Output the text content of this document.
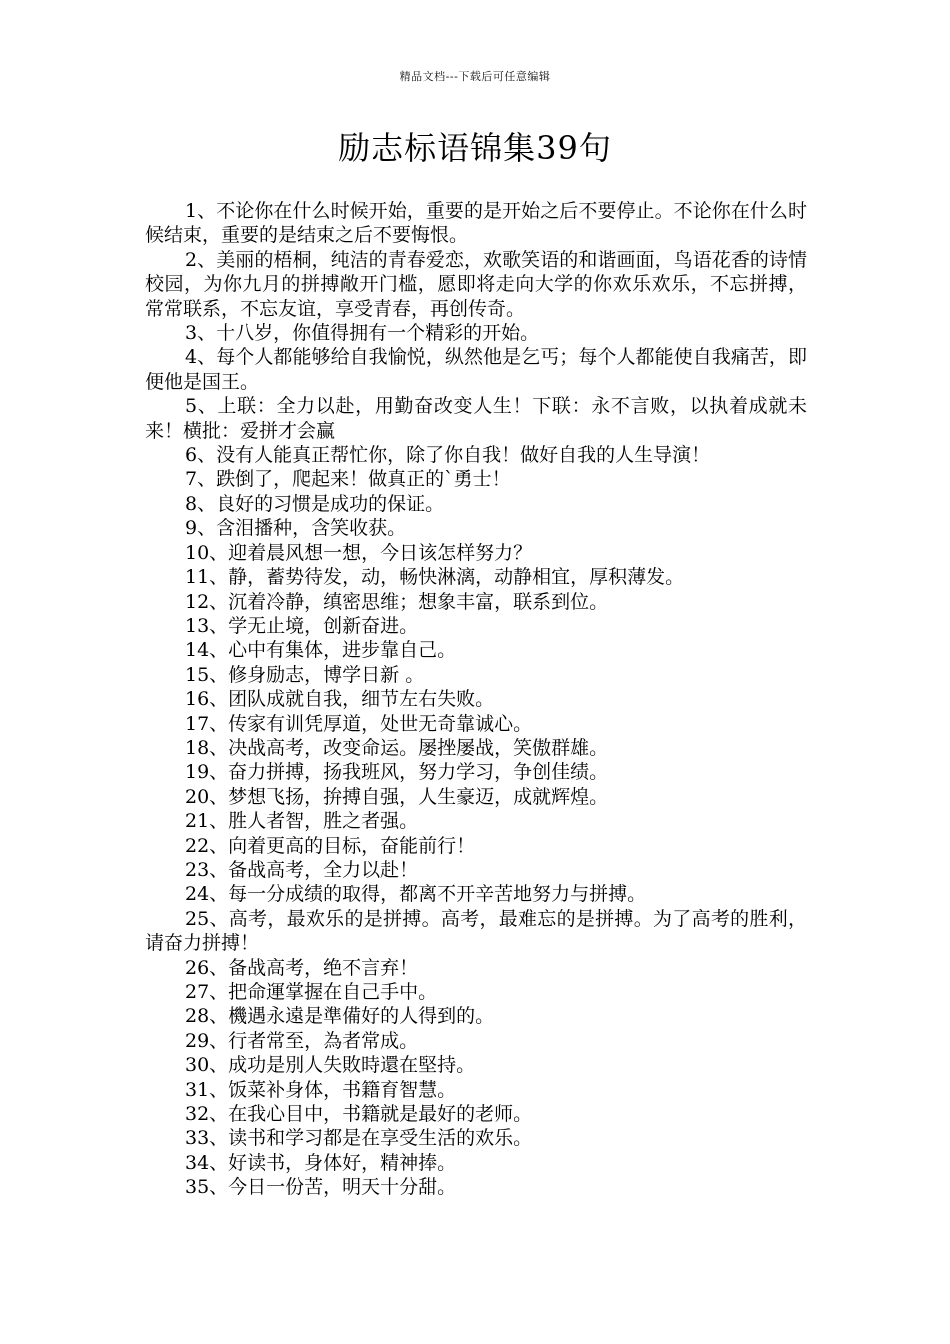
精品文档---下载后可任意编辑
励志标语锦集39句

1、不论你在什么时候开始，重要的是开始之后不要停止。不论你在什么时候结束，重要的是结束之后不要悔恨。

2、美丽的梧桐，纯洁的青春爱恋，欢歌笑语的和谐画面，鸟语花香的诗情校园，为你九月的拼搏敞开门槛，愿即将走向大学的你欢乐欢乐，不忘拼搏，常常联系，不忘友谊，享受青春，再创传奇。

3、十八岁，你值得拥有一个精彩的开始。

4、每个人都能够给自我愉悦，纵然他是乞丐；每个人都能使自我痛苦，即便他是国王。

5、上联：全力以赴，用勤奋改变人生！下联：永不言败，以执着成就未来！横批：爱拼才会赢

6、没有人能真正帮忙你，除了你自我！做好自我的人生导演！

7、跌倒了，爬起来！做真正的`勇士！

8、良好的习惯是成功的保证。

9、含泪播种，含笑收获。

10、迎着晨风想一想，今日该怎样努力？

11、静，蓄势待发，动，畅快淋漓，动静相宜，厚积薄发。

12、沉着冷静，缜密思维；想象丰富，联系到位。

13、学无止境，创新奋进。

14、心中有集体，进步靠自己。

15、修身励志，博学日新 。

16、团队成就自我，细节左右失败。

17、传家有训凭厚道，处世无奇靠诚心。

18、决战高考，改变命运。屡挫屡战，笑傲群雄。

19、奋力拼搏，扬我班风，努力学习，争创佳绩。

20、梦想飞扬，拚搏自强，人生豪迈，成就辉煌。

21、胜人者智，胜之者强。

22、向着更高的目标，奋能前行！

23、备战高考，全力以赴！

24、每一分成绩的取得，都离不开辛苦地努力与拼搏。

25、高考，最欢乐的是拼搏。高考，最难忘的是拼搏。为了高考的胜利，请奋力拼搏！

26、备战高考，绝不言弃！

27、把命運掌握在自己手中。

28、機遇永遠是準備好的人得到的。

29、行者常至，為者常成。

30、成功是別人失敗時還在堅持。

31、饭菜补身体，书籍育智慧。

32、在我心目中，书籍就是最好的老师。

33、读书和学习都是在享受生活的欢乐。

34、好读书，身体好，精神捧。

35、今日一份苦，明天十分甜。
